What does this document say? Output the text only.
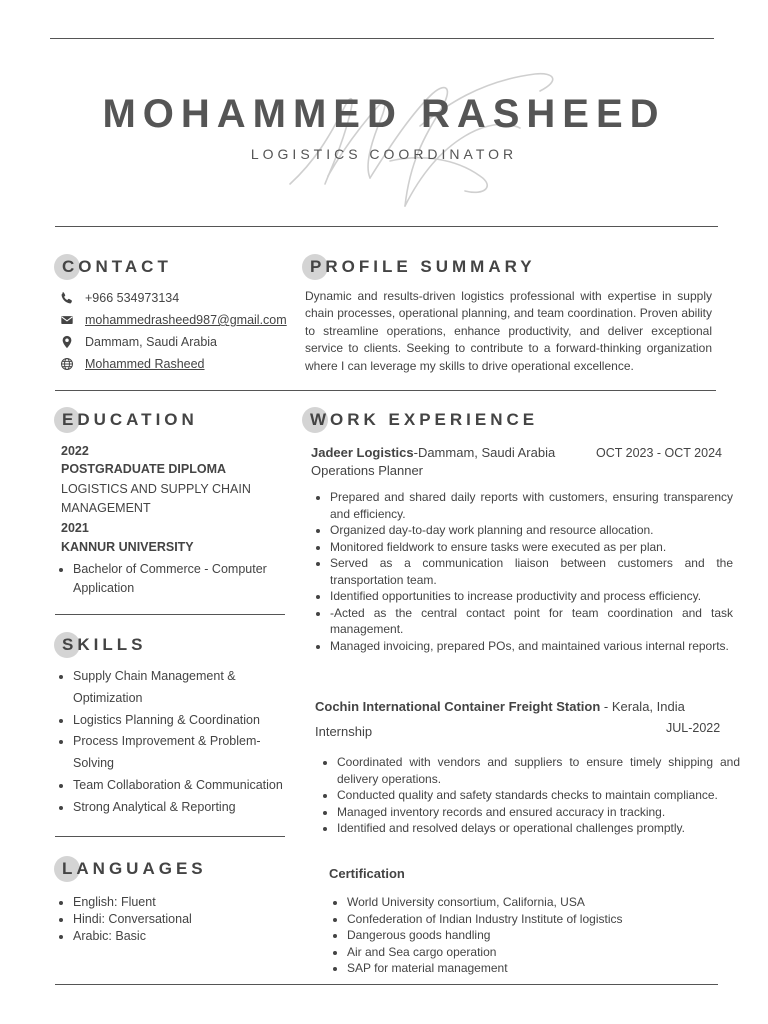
MOHAMMED RASHEED
LOGISTICS COORDINATOR
CONTACT
+966 534973134
mohammedrasheed987@gmail.com
Dammam, Saudi Arabia
Mohammed Rasheed
PROFILE SUMMARY
Dynamic and results-driven logistics professional with expertise in supply chain processes, operational planning, and team coordination. Proven ability to streamline operations, enhance productivity, and deliver exceptional service to clients. Seeking to contribute to a forward-thinking organization where I can leverage my skills to drive operational excellence.
EDUCATION
2022
POSTGRADUATE DIPLOMA
LOGISTICS AND SUPPLY CHAIN MANAGEMENT
2021
KANNUR UNIVERSITY
• Bachelor of Commerce - Computer Application
SKILLS
• Supply Chain Management & Optimization
• Logistics Planning & Coordination
• Process Improvement & Problem-Solving
• Team Collaboration & Communication
• Strong Analytical & Reporting
LANGUAGES
• English: Fluent
• Hindi: Conversational
• Arabic: Basic
WORK EXPERIENCE
Jadeer Logistics-Dammam, Saudi Arabia	OCT 2023 - OCT 2024
Operations Planner
• Prepared and shared daily reports with customers, ensuring transparency and efficiency.
• Organized day-to-day work planning and resource allocation.
• Monitored fieldwork to ensure tasks were executed as per plan.
• Served as a communication liaison between customers and the transportation team.
• Identified opportunities to increase productivity and process efficiency.
• -Acted as the central contact point for team coordination and task management.
• Managed invoicing, prepared POs, and maintained various internal reports.
Cochin International Container Freight Station - Kerala, India
JUL-2022
Internship
• Coordinated with vendors and suppliers to ensure timely shipping and delivery operations.
• Conducted quality and safety standards checks to maintain compliance.
• Managed inventory records and ensured accuracy in tracking.
• Identified and resolved delays or operational challenges promptly.
Certification
• World University consortium, California, USA
• Confederation of Indian Industry Institute of logistics
• Dangerous goods handling
• Air and Sea cargo operation
• SAP for material management
